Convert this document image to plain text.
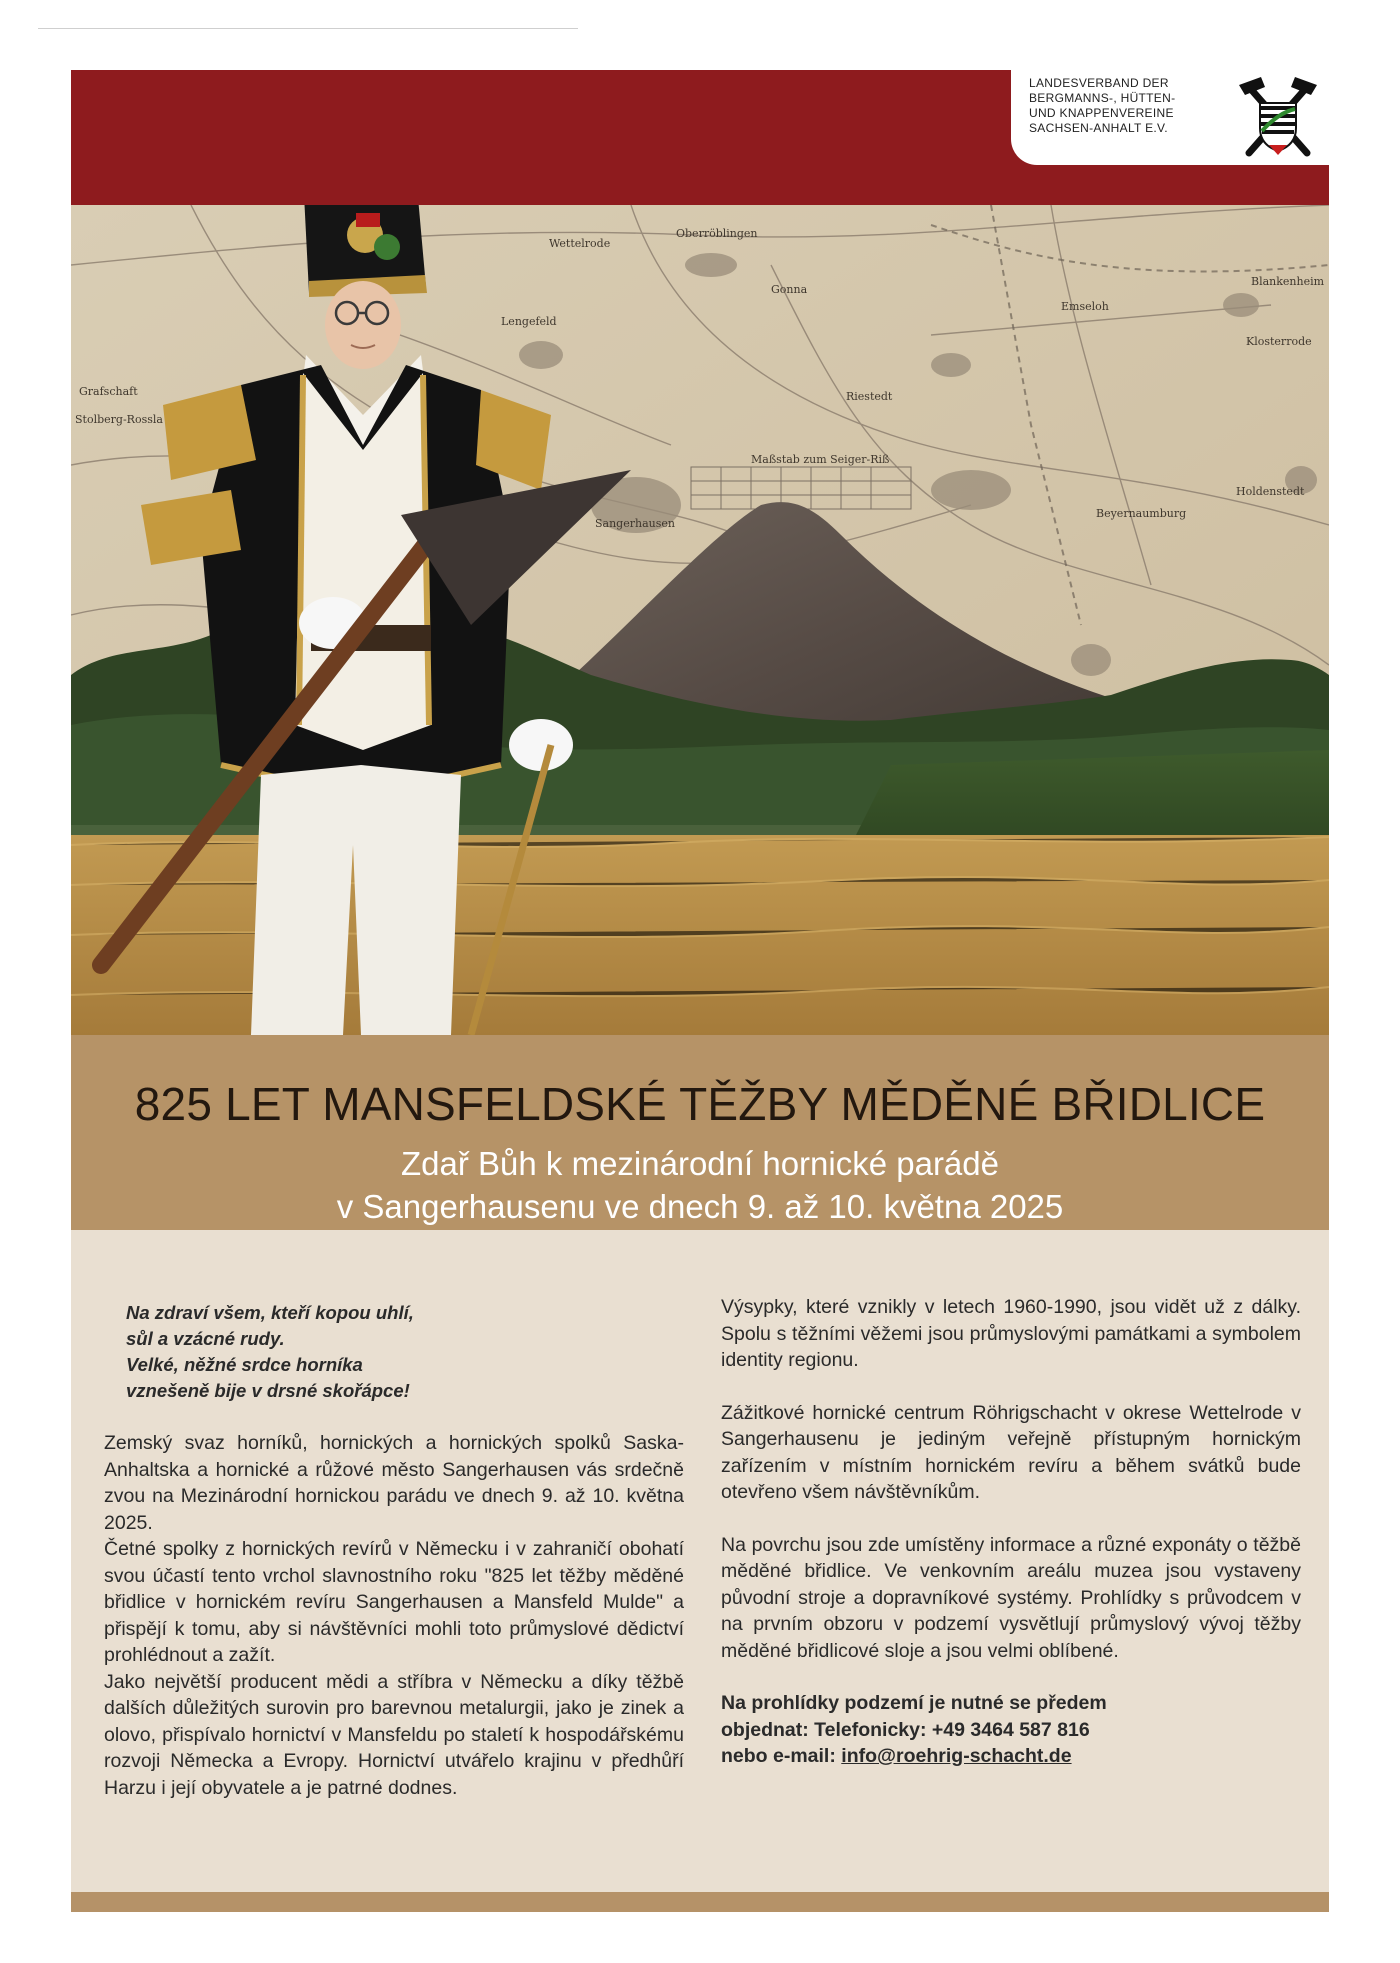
LANDESVERBAND DER
BERGMANNS-, HÜTTEN-
UND KNAPPENVEREINE
SACHSEN-ANHALT E.V.
Oberröblingen
Wettelrode
Lengefeld
Grafschaft
Stolberg-Rossla
Sangerhausen
Riestedt
Blankenheim
Klosterrode
Beyernaumburg
Holdenstedt
Gonna
Emseloh
Maßstab zum Seiger-Riß
825 LET MANSFELDSKÉ TĚŽBY MĚDĚNÉ BŘIDLICE
Zdař Bůh k mezinárodní hornické parádě
v Sangerhausenu ve dnech 9. až 10. května 2025
Na zdraví všem, kteří kopou uhlí,
sůl a vzácné rudy.
Velké, něžné srdce horníka
vznešeně bije v drsné skořápce!

Zemský svaz horníků, hornických a hornických spolků Saska-Anhaltska a hornické a růžové město Sangerhausen vás srdečně zvou na Mezinárodní hornickou parádu ve dnech 9. až 10. května 2025.

Četné spolky z hornických revírů v Německu i v zahraničí obohatí svou účastí tento vrchol slavnostního roku "825 let těžby měděné břidlice v hornickém revíru Sangerhausen a Mansfeld Mulde" a přispějí k tomu, aby si návštěvníci mohli toto průmyslové dědictví prohlédnout a zažít.

Jako největší producent mědi a stříbra v Německu a díky těžbě dalších důležitých surovin pro barevnou metalurgii, jako je zinek a olovo, přispívalo hornictví v Mansfeldu po staletí k hospodářskému rozvoji Německa a Evropy. Hornictví utvářelo krajinu v předhůří Harzu i její obyvatele a je patrné dodnes.

Výsypky, které vznikly v letech 1960-1990, jsou vidět už z dálky. Spolu s těžními věžemi jsou průmyslovými památkami a symbolem identity regionu.

Zážitkové hornické centrum Röhrigschacht v okrese Wettelrode v Sangerhausenu je jediným veřejně přístupným hornickým zařízením v místním hornickém revíru a během svátků bude otevřeno všem návštěvníkům.

Na povrchu jsou zde umístěny informace a různé exponáty o těžbě měděné břidlice. Ve venkovním areálu muzea jsou vystaveny původní stroje a dopravníkové systémy. Prohlídky s průvodcem v na prvním obzoru v podzemí vysvětlují průmyslový vývoj těžby měděné břidlicové sloje a jsou velmi oblíbené.

Na prohlídky podzemí je nutné se předem
objednat: Telefonicky: +49 3464 587 816
nebo e-mail: info@roehrig-schacht.de
